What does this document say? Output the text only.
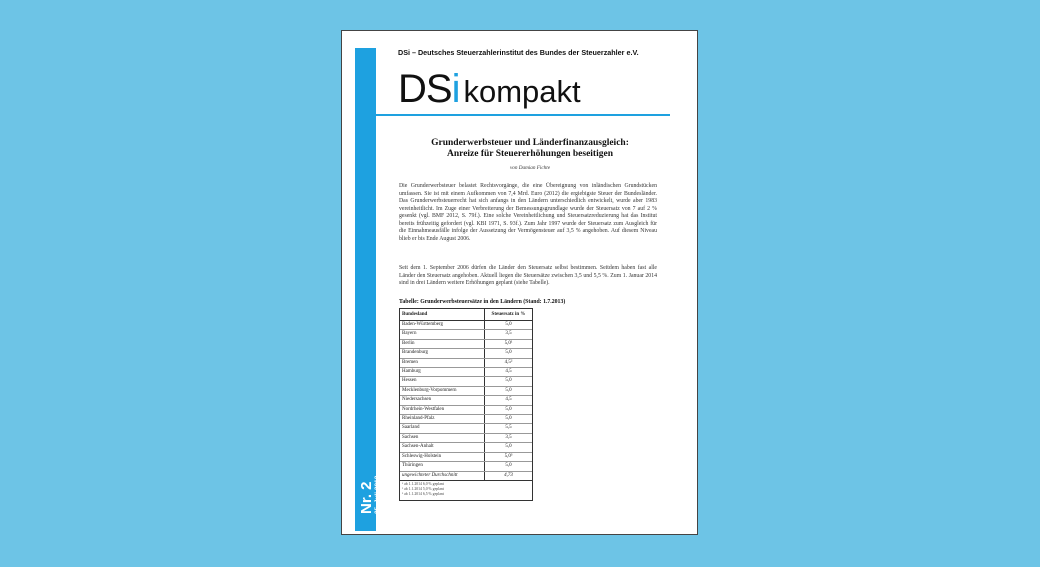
Nr. 2 25. Juli 2013
DSi – Deutsches Steuerzahlerinstitut des Bundes der Steuerzahler e.V.
DSi kompakt
Grunderwerbsteuer und Länderfinanzausgleich:
Anreize für Steuererhöhungen beseitigen
von Damian Fichte

Die Grunderwerbsteuer belastet Rechtsvorgänge, die eine Übereignung von inländischen Grundstücken umfassen. Sie ist mit einem Aufkommen von 7,4 Mrd. Euro (2012) die ergiebigste Steuer der Bundesländer. Das Grunderwerbsteuerrecht hat sich anfangs in den Ländern unterschiedlich entwickelt, wurde aber 1983 vereinheitlicht. Im Zuge einer Verbreiterung der Bemessungsgrundlage wurde der Steuersatz von 7 auf 2 % gesenkt (vgl. BMF 2012, S. 79f.). Eine solche Vereinheitlichung und Steuersatzreduzierung hat das Institut bereits frühzeitig gefordert (vgl. KBI 1971, S. 93f.). Zum Jahr 1997 wurde der Steuersatz zum Ausgleich für die Einnahmeausfälle infolge der Aussetzung der Vermögensteuer auf 3,5 % angehoben. Auf diesem Niveau blieb er bis Ende August 2006.

Seit dem 1. September 2006 dürfen die Länder den Steuersatz selbst bestimmen. Seitdem haben fast alle Länder den Steuersatz angehoben. Aktuell liegen die Steuersätze zwischen 3,5 und 5,5 %. Zum 1. Januar 2014 sind in drei Ländern weitere Erhöhungen geplant (siehe Tabelle).

Tabelle: Grunderwerbsteuersätze in den Ländern (Stand: 1.7.2013)
Bundesland	Steuersatz in %
Baden-Württemberg	5,0
Bayern	3,5
Berlin	5,0¹
Brandenburg	5,0
Bremen	4,5²
Hamburg	4,5
Hessen	5,0
Mecklenburg-Vorpommern	5,0
Niedersachsen	4,5
Nordrhein-Westfalen	5,0
Rheinland-Pfalz	5,0
Saarland	5,5
Sachsen	3,5
Sachsen-Anhalt	5,0
Schleswig-Holstein	5,0³
Thüringen	5,0
ungewichteter Durchschnitt	4,73
¹ ab 1.1.2014 6,0 % geplant
² ab 1.1.2014 5,0 % geplant
³ ab 1.1.2014 6,5 % geplant
